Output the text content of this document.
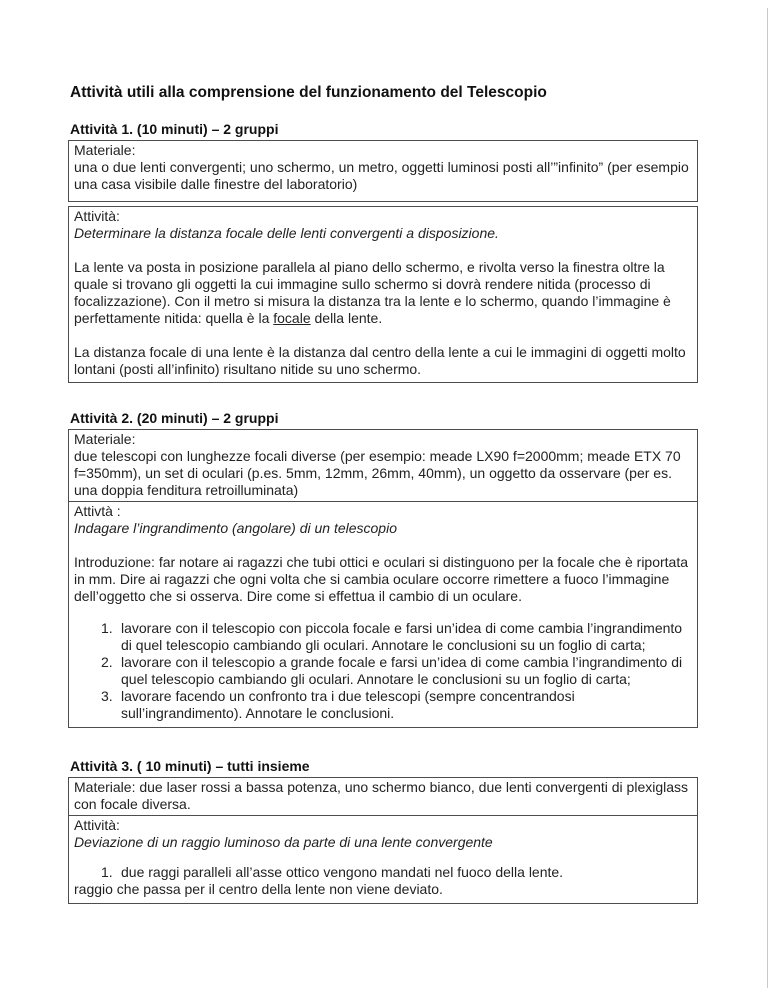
Attività utili alla comprensione del funzionamento del Telescopio
Attività 1. (10 minuti) – 2 gruppi
Materiale:
una o due lenti convergenti; uno schermo, un metro, oggetti luminosi posti all’”infinito” (per esempio una casa visibile dalle finestre del laboratorio)
Attività:
Determinare la distanza focale delle lenti convergenti a disposizione.

La lente va posta in posizione parallela al piano dello schermo, e rivolta verso la finestra oltre la quale si trovano gli oggetti la cui immagine sullo schermo si dovrà rendere nitida (processo di focalizzazione). Con il metro si misura la distanza tra la lente e lo schermo, quando l’immagine è perfettamente nitida: quella è la focale della lente.

La distanza focale di una lente è la distanza dal centro della lente a cui le immagini di oggetti molto lontani (posti all’infinito) risultano nitide su uno schermo.

Attività 2. (20 minuti) – 2 gruppi
Materiale:
due telescopi con lunghezze focali diverse (per esempio: meade LX90 f=2000mm; meade ETX 70 f=350mm), un set di oculari (p.es. 5mm, 12mm, 26mm, 40mm), un oggetto da osservare (per es. una doppia fenditura retroilluminata)
Attivtà :
Indagare l’ingrandimento (angolare) di un telescopio

Introduzione: far notare ai ragazzi che tubi ottici e oculari si distinguono per la focale che è riportata in mm. Dire ai ragazzi che ogni volta che si cambia oculare occorre rimettere a fuoco l’immagine dell’oggetto che si osserva. Dire come si effettua il cambio di un oculare.

1. lavorare con il telescopio con piccola focale e farsi un’idea di come cambia l’ingrandimento di quel telescopio cambiando gli oculari. Annotare le conclusioni su un foglio di carta;
2. lavorare con il telescopio a grande focale e farsi un’idea di come cambia l’ingrandimento di quel telescopio cambiando gli oculari. Annotare le conclusioni su un foglio di carta;
3. lavorare facendo un confronto tra i due telescopi (sempre concentrandosi sull’ingrandimento). Annotare le conclusioni.
Attività 3. ( 10 minuti) – tutti insieme
Materiale: due laser rossi a bassa potenza, uno schermo bianco, due lenti convergenti di plexiglass con focale diversa.
Attività:
Deviazione di un raggio luminoso da parte di una lente convergente
1. due raggi paralleli all’asse ottico vengono mandati nel fuoco della lente.

raggio che passa per il centro della lente non viene deviato.
